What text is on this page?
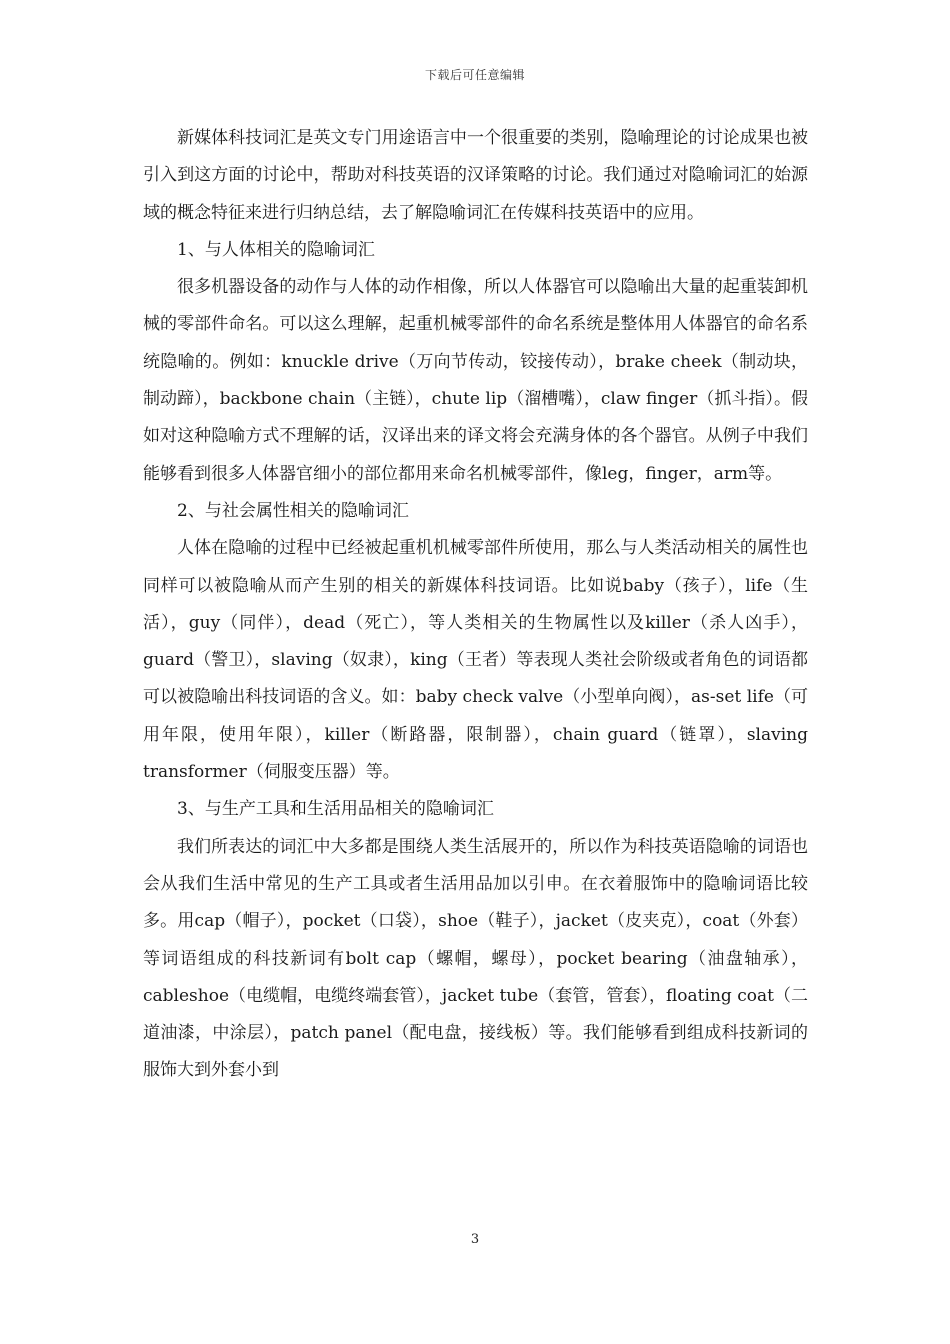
下载后可任意编辑

新媒体科技词汇是英文专门用途语言中一个很重要的类别，隐喻理论的讨论成果也被引入到这方面的讨论中，帮助对科技英语的汉译策略的讨论。我们通过对隐喻词汇的始源域的概念特征来进行归纳总结，去了解隐喻词汇在传媒科技英语中的应用。

1、与人体相关的隐喻词汇

很多机器设备的动作与人体的动作相像，所以人体器官可以隐喻出大量的起重装卸机械的零部件命名。可以这么理解，起重机械零部件的命名系统是整体用人体器官的命名系统隐喻的。例如：knuckle drive（万向节传动，铰接传动），brake cheek（制动块，制动蹄），backbone chain（主链），chute lip（溜槽嘴），claw finger（抓斗指）。假如对这种隐喻方式不理解的话，汉译出来的译文将会充满身体的各个器官。从例子中我们能够看到很多人体器官细小的部位都用来命名机械零部件，像leg，finger，arm等。

2、与社会属性相关的隐喻词汇

人体在隐喻的过程中已经被起重机机械零部件所使用，那么与人类活动相关的属性也同样可以被隐喻从而产生别的相关的新媒体科技词语。比如说baby（孩子），life（生活），guy（同伴），dead（死亡），等人类相关的生物属性以及killer（杀人凶手），guard（警卫），slaving（奴隶），king（王者）等表现人类社会阶级或者角色的词语都可以被隐喻出科技词语的含义。如：baby check valve（小型单向阀），as-set life（可用年限，使用年限），killer（断路器，限制器），chain guard（链罩），slaving transformer（伺服变压器）等。

3、与生产工具和生活用品相关的隐喻词汇

我们所表达的词汇中大多都是围绕人类生活展开的，所以作为科技英语隐喻的词语也会从我们生活中常见的生产工具或者生活用品加以引申。在衣着服饰中的隐喻词语比较多。用cap（帽子），pocket（口袋），shoe（鞋子），jacket（皮夹克），coat（外套）等词语组成的科技新词有bolt cap（螺帽，螺母），pocket bearing（油盘轴承），cableshoe（电缆帽，电缆终端套管），jacket tube（套管，管套），floating coat（二道油漆，中涂层），patch panel（配电盘，接线板）等。我们能够看到组成科技新词的服饰大到外套小到

3
